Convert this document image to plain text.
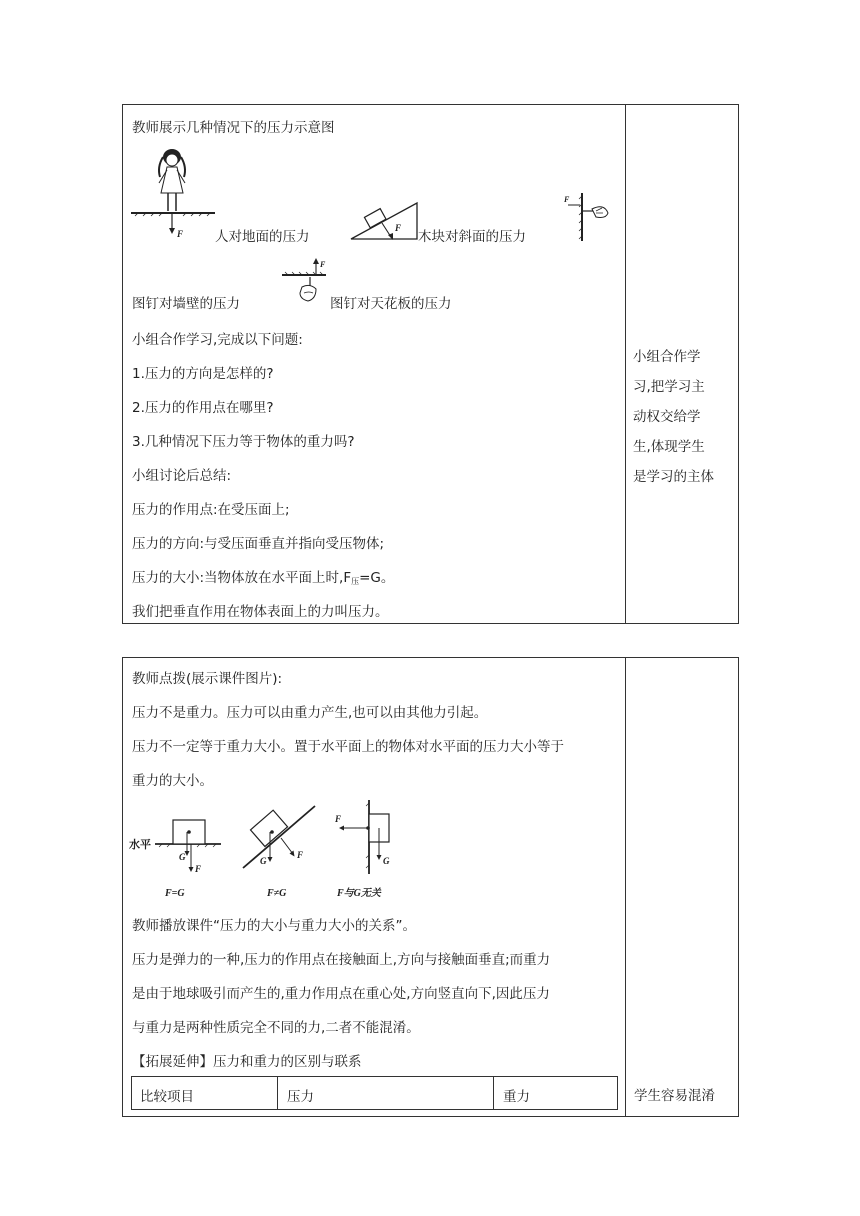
教师展示几种情况下的压力示意图
F 人对地面的压力
F
木块对斜面的压力
F
图钉对墙壁的压力
F
图钉对天花板的压力
小组合作学习,完成以下问题:
1.压力的方向是怎样的?
2.压力的作用点在哪里?
3.几种情况下压力等于物体的重力吗?
小组讨论后总结:
压力的作用点:在受压面上;
压力的方向:与受压面垂直并指向受压物体;
压力的大小:当物体放在水平面上时$,F_压=G$。
我们把垂直作用在物体表面上的力叫压力。
小组合作学
习,把学习主
动权交给学
生,体现学生
是学习的主体
教师点拨(展示课件图片):
压力不是重力。压力可以由重力产生,也可以由其他力引起。
压力不一定等于重力大小。置于水平面上的物体对水平面的压力大小等于
重力的大小。
水平
G
F
F=G
G
F
F≠G
F
G
F与G无关
教师播放课件“压力的大小与重力大小的关系”。
压力是弹力的一种,压力的作用点在接触面上,方向与接触面垂直;而重力
是由于地球吸引而产生的,重力作用点在重心处,方向竖直向下,因此压力
与重力是两种性质完全不同的力,二者不能混淆。
【拓展延伸】压力和重力的区别与联系
比较项目	压力	重力	学生容易混淆
